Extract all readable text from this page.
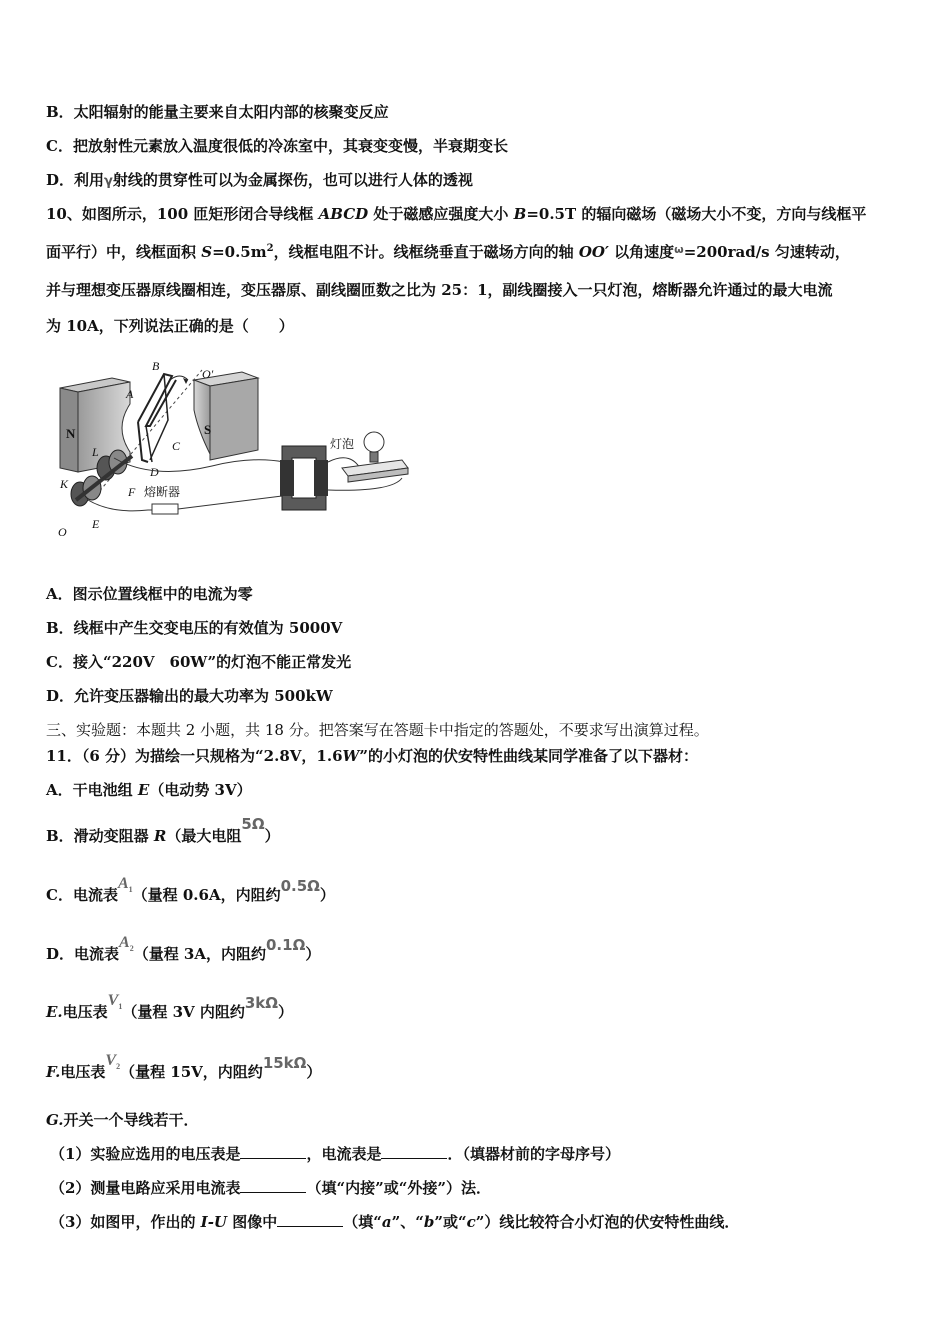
B．太阳辐射的能量主要来自太阳内部的核聚变反应
C．把放射性元素放入温度很低的冷冻室中，其衰变变慢，半衰期变长
D．利用γ射线的贯穿性可以为金属探伤，也可以进行人体的透视
10、如图所示，100 匝矩形闭合导线框 ABCD 处于磁感应强度大小 B=0.5T 的辐向磁场（磁场大小不变，方向与线框平
面平行）中，线框面积 $S=0.5m^2$，线框电阻不计。线框绕垂直于磁场方向的轴 OO′ 以角速度$^\omega$=200rad/s 匀速转动，
并与理想变压器原线圈相连，变压器原、副线圈匝数之比为 25：1，副线圈接入一只灯泡，熔断器允许通过的最大电流
为 10A，下列说法正确的是（　　）
N	S
B
A
C
D
O′
L
K
F
O
E
熔断器
灯泡
A．图示位置线框中的电流为零
B．线框中产生交变电压的有效值为 5000V
C．接入“220V　60W”的灯泡不能正常发光
D．允许变压器输出的最大功率为 500kW
三、实验题：本题共 2 小题，共 18 分。把答案写在答题卡中指定的答题处，不要求写出演算过程。
11．（6 分）为描绘一只规格为“2.8V，1.6W”的小灯泡的伏安特性曲线某同学准备了以下器材：
A．干电池组 E（电动势 3V）
B．滑动变阻器 R（最大电阻5Ω）
C．电流表$A_1$（量程 0.6A，内阻约0.5Ω）
D．电流表$A_2$（量程 3A，内阻约0.1Ω）
E.电压表$V_1$（量程 3V 内阻约3kΩ）
F.电压表$V_2$（量程 15V，内阻约15kΩ）
G.开关一个导线若干．
（1）实验应选用的电压表是	，电流表是	．（填器材前的字母序号）
（2）测量电路应采用电流表	（填“内接”或“外接”）法．
（3）如图甲，作出的 I-U 图像中	（填“a”、“b”或“c”）线比较符合小灯泡的伏安特性曲线．
